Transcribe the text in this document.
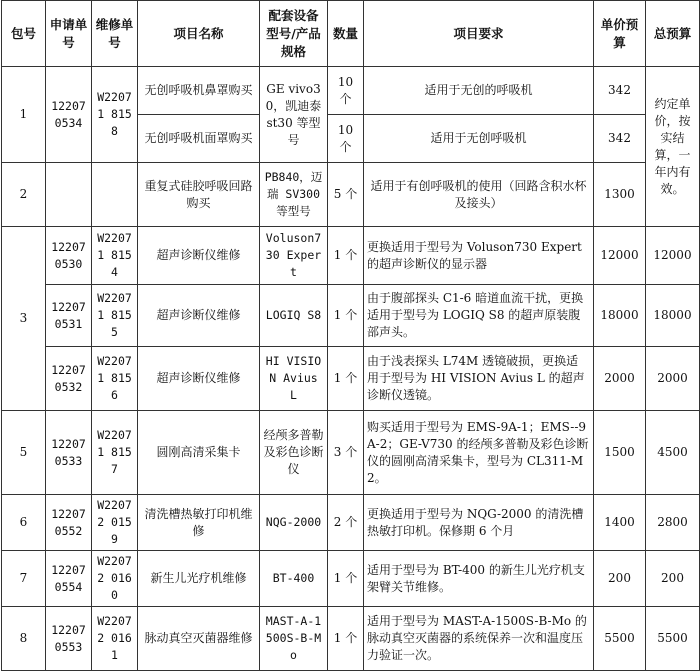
包号	申请单号	维修单号	项目名称	配套设备型号/产品规格	数量	项目要求	单价预算	总预算
1	12207 0534	W22071 8158	无创呼吸机鼻罩购买	GE vivo30，凯迪泰 st30 等型号	10 个	适用于无创的呼吸机	342	约定单价，按实结算，一年内有效。
			无创呼吸机面罩购买		10 个	适用于无创呼吸机	342	
2			重复式硅胶呼吸回路购买	PB840，迈瑞 SV300 等型号	5 个	适用于有创呼吸机的使用（回路含积水杯及接头）	1300	
3	12207 0530	W22071 8154	超声诊断仪维修	Voluson7 30 Expert	1 个	更换适用于型号为 Voluson730 Expert 的超声诊断仪的显示器	12000	12000
	12207 0531	W22071 8155	超声诊断仪维修	LOGIQ S8	1 个	由于腹部探头 C1-6 暗道血流干扰，更换适用于型号为 LOGIQ S8 的超声原装腹部声头。	18000	18000
	12207 0532	W22071 8156	超声诊断仪维修	HI VISION Avius L	1 个	由于浅表探头 L74M 透镜破损，更换适用于型号为 HI VISION Avius L 的超声诊断仪透镜。	2000	2000
5	12207 0533	W22071 8157	圆刚高清采集卡	经颅多普勒及彩色诊断仪	3 个	购买适用于型号为 EMS-9A-1；EMS--9A-2；GE-V730 的经颅多普勒及彩色诊断仪的圆刚高清采集卡，型号为 CL311-M2。	1500	4500
6	12207 0552	W22072 0159	清洗槽热敏打印机维修	NQG-2000	2 个	更换适用于型号为 NQG-2000 的清洗槽热敏打印机。保修期 6 个月	1400	2800
7	12207 0554	W22072 0160	新生儿光疗机维修	BT-400	1 个	适用于型号为 BT-400 的新生儿光疗机支架臂关节维修。	200	200
8	12207 0553	W22072 0161	脉动真空灭菌器维修	MAST-A-1 500S-B-M o	1 个	适用于型号为 MAST-A-1500S-B-Mo 的脉动真空灭菌器的系统保养一次和温度压力验证一次。	5500	5500
